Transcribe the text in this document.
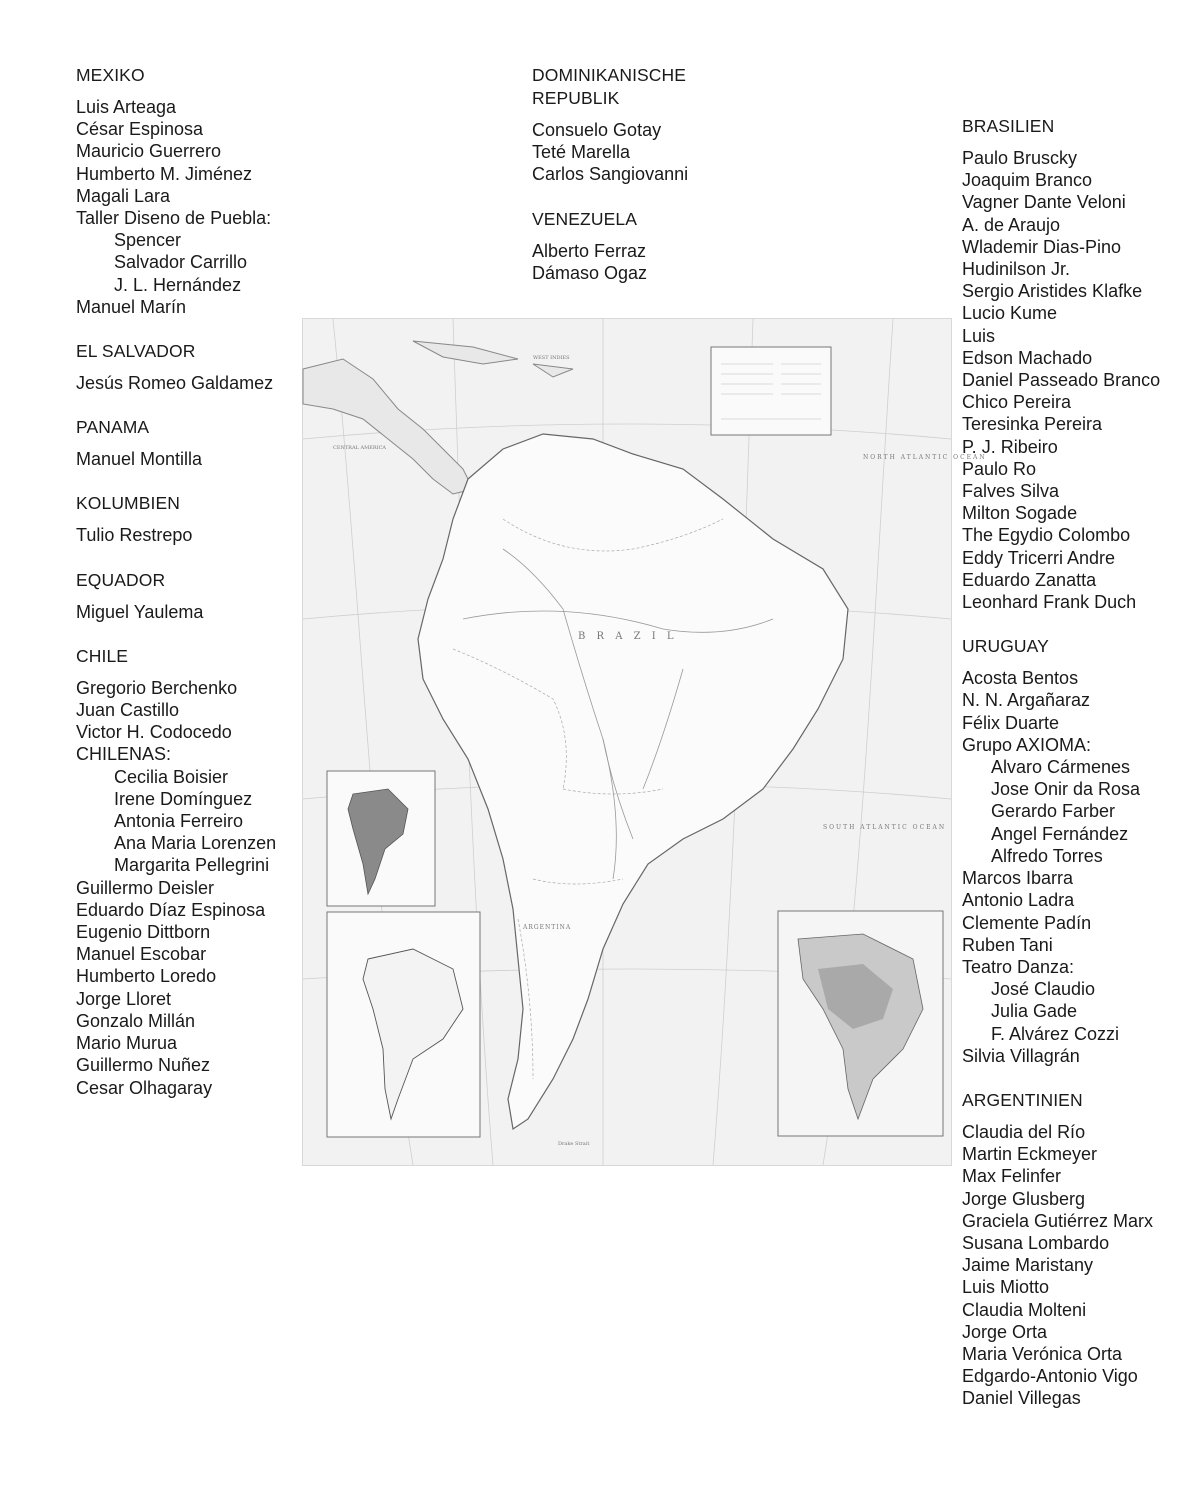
MEXIKO
Luis Arteaga
César Espinosa
Mauricio Guerrero
Humberto M. Jiménez
Magali Lara
Taller Diseno de Puebla:
Spencer
Salvador Carrillo
J. L. Hernández
Manuel Marín
EL SALVADOR
Jesús Romeo Galdamez
PANAMA
Manuel Montilla
KOLUMBIEN
Tulio Restrepo
EQUADOR
Miguel Yaulema
CHILE
Gregorio Berchenko
Juan Castillo
Victor H. Codocedo
CHILENAS:
Cecilia Boisier
Irene Domínguez
Antonia Ferreiro
Ana Maria Lorenzen
Margarita Pellegrini
Guillermo Deisler
Eduardo Díaz Espinosa
Eugenio Dittborn
Manuel Escobar
Humberto Loredo
Jorge Lloret
Gonzalo Millán
Mario Murua
Guillermo Nuñez
Cesar Olhagaray
DOMINIKANISCHE REPUBLIK
Consuelo Gotay
Teté Marella
Carlos Sangiovanni
VENEZUELA
Alberto Ferraz
Dámaso Ogaz
BRASILIEN
Paulo Bruscky
Joaquim Branco
Vagner Dante Veloni
A. de Araujo
Wlademir Dias-Pino
Hudinilson Jr.
Sergio Aristides Klafke
Lucio Kume
Luis
Edson Machado
Daniel Passeado Branco
Chico Pereira
Teresinka Pereira
P. J. Ribeiro
Paulo Ro
Falves Silva
Milton Sogade
The Egydio Colombo
Eddy Tricerri Andre
Eduardo Zanatta
Leonhard Frank Duch
URUGUAY
Acosta Bentos
N. N. Argañaraz
Félix Duarte
Grupo AXIOMA:
Alvaro Cármenes
Jose Onir da Rosa
Gerardo Farber
Angel Fernández
Alfredo Torres
Marcos Ibarra
Antonio Ladra
Clemente Padín
Ruben Tani
Teatro Danza:
José Claudio
Julia Gade
F. Alvárez Cozzi
Silvia Villagrán
ARGENTINIEN
Claudia del Río
Martin Eckmeyer
Max Felinfer
Jorge Glusberg
Graciela Gutiérrez Marx
Susana Lombardo
Jaime Maristany
Luis Miotto
Claudia Molteni
Jorge Orta
Maria Verónica Orta
Edgardo-Antonio Vigo
Daniel Villegas
NORTH ATLANTIC OCEAN
SOUTH ATLANTIC OCEAN
B R A Z I L
CENTRAL AMERICA
WEST INDIES
ARGENTINA
Drake Strait
